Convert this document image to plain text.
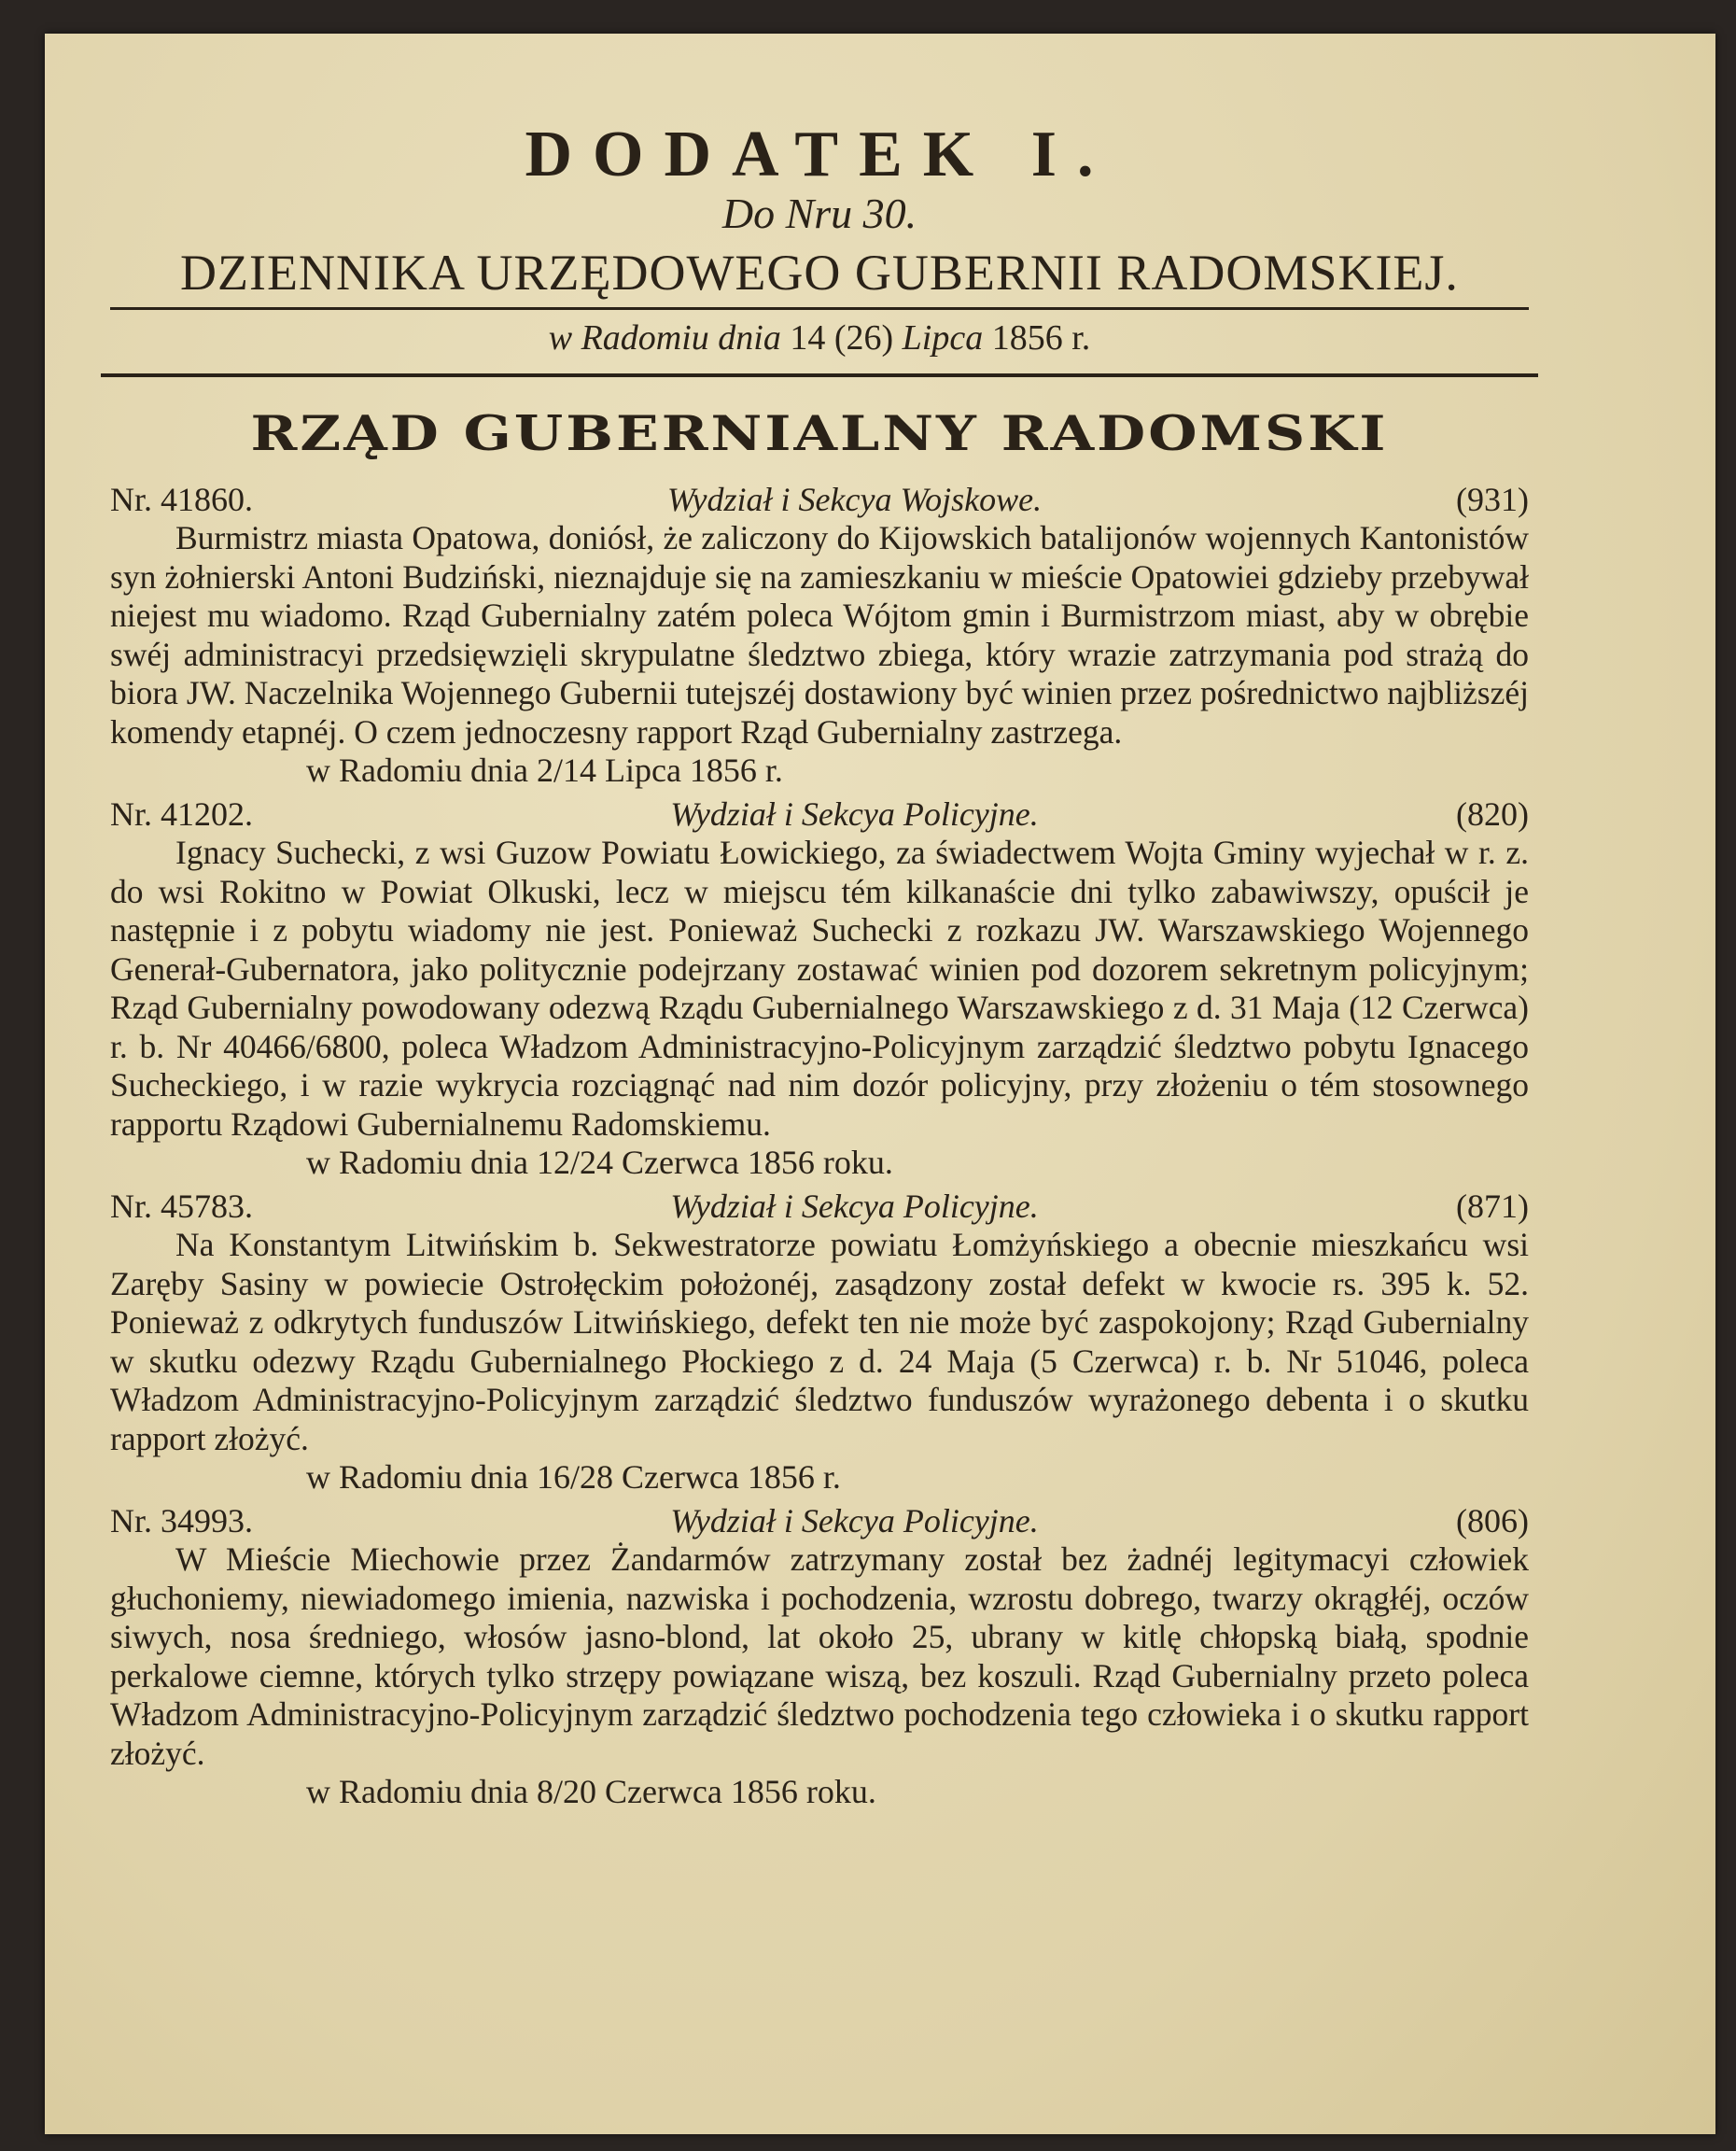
DODATEK I.
Do Nru 30.
DZIENNIKA URZĘDOWEGO GUBERNII RADOMSKIEJ.
w Radomiu dnia 14 (26) Lipca 1856 r.
RZĄD GUBERNIALNY RADOMSKI
Nr. 41860.	Wydział i Sekcya Wojskowe.	(931)

Burmistrz miasta Opatowa, doniósł, że zaliczony do Kijowskich batalijonów wojennych Kantonistów syn żołnierski Antoni Budziński, nieznajduje się na zamieszkaniu w mieście Opatowiei gdzieby przebywał niejest mu wiadomo. Rząd Gubernialny zatém poleca Wójtom gmin i Burmistrzom miast, aby w obrębie swéj administracyi przedsięwzięli skrypulatne śledztwo zbiega, który wrazie zatrzymania pod strażą do biora JW. Naczelnika Wojennego Gubernii tutejszéj dostawiony być winien przez pośrednictwo najbliższéj komendy etapnéj. O czem jednoczesny rapport Rząd Gubernialny zastrzega.

w Radomiu dnia 2/14 Lipca 1856 r.
Nr. 41202.	Wydział i Sekcya Policyjne.	(820)

Ignacy Suchecki, z wsi Guzow Powiatu Łowickiego, za świadectwem Wojta Gminy wyjechał w r. z. do wsi Rokitno w Powiat Olkuski, lecz w miejscu tém kilkanaście dni tylko zabawiwszy, opuścił je następnie i z pobytu wiadomy nie jest. Ponieważ Suchecki z rozkazu JW. Warszawskiego Wojennego Generał-Gubernatora, jako politycznie podejrzany zostawać winien pod dozorem sekretnym policyjnym; Rząd Gubernialny powodowany odezwą Rządu Gubernialnego Warszawskiego z d. 31 Maja (12 Czerwca) r. b. Nr 40466/6800, poleca Władzom Administracyjno-Policyjnym zarządzić śledztwo pobytu Ignacego Sucheckiego, i w razie wykrycia rozciągnąć nad nim dozór policyjny, przy złożeniu o tém stosownego rapportu Rządowi Gubernialnemu Radomskiemu.

w Radomiu dnia 12/24 Czerwca 1856 roku.
Nr. 45783.	Wydział i Sekcya Policyjne.	(871)

Na Konstantym Litwińskim b. Sekwestratorze powiatu Łomżyńskiego a obecnie mieszkańcu wsi Zaręby Sasiny w powiecie Ostrołęckim położonéj, zasądzony został defekt w kwocie rs. 395 k. 52. Ponieważ z odkrytych funduszów Litwińskiego, defekt ten nie może być zaspokojony; Rząd Gubernialny w skutku odezwy Rządu Gubernialnego Płockiego z d. 24 Maja (5 Czerwca) r. b. Nr 51046, poleca Władzom Administracyjno-Policyjnym zarządzić śledztwo funduszów wyrażonego debenta i o skutku rapport złożyć.

w Radomiu dnia 16/28 Czerwca 1856 r.
Nr. 34993.	Wydział i Sekcya Policyjne.	(806)

W Mieście Miechowie przez Żandarmów zatrzymany został bez żadnéj legitymacyi człowiek głuchoniemy, niewiadomego imienia, nazwiska i pochodzenia, wzrostu dobrego, twarzy okrągłéj, oczów siwych, nosa średniego, włosów jasno-blond, lat około 25, ubrany w kitlę chłopską białą, spodnie perkalowe ciemne, których tylko strzępy powiązane wiszą, bez koszuli. Rząd Gubernialny przeto poleca Władzom Administracyjno-Policyjnym zarządzić śledztwo pochodzenia tego człowieka i o skutku rapport złożyć.

w Radomiu dnia 8/20 Czerwca 1856 roku.
